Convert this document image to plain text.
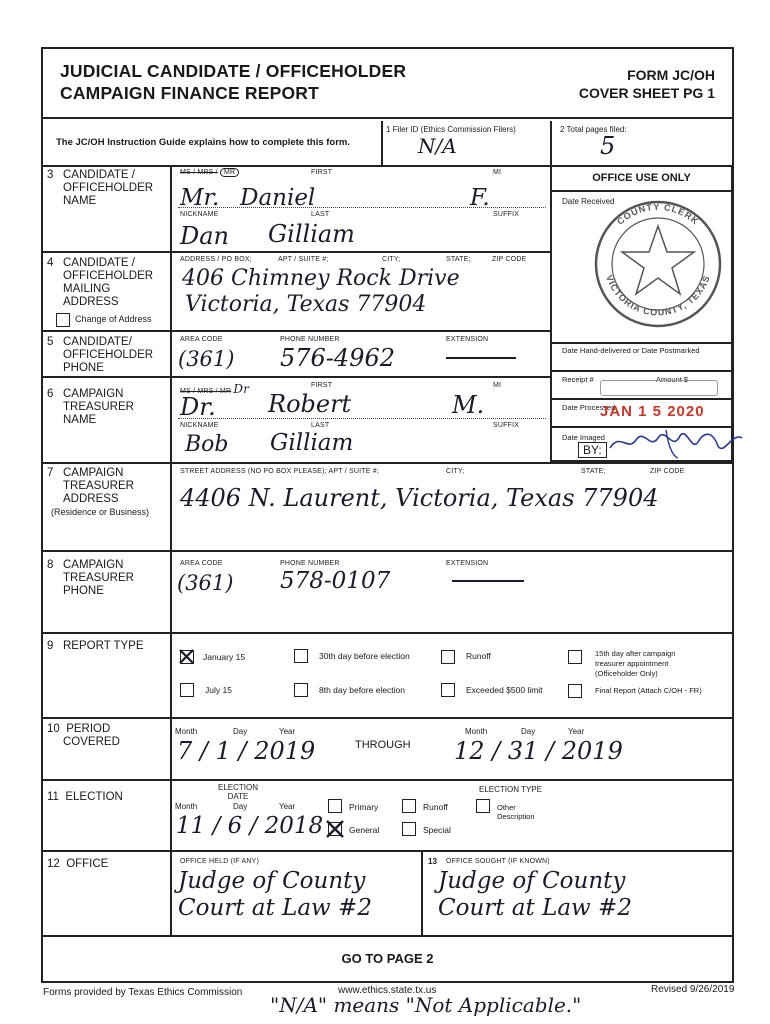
JUDICIAL CANDIDATE / OFFICEHOLDER
CAMPAIGN FINANCE REPORT
FORM JC/OH
COVER SHEET PG 1
The JC/OH Instruction Guide explains how to complete this form.
1 Filer ID (Ethics Commission Filers)
N/A
2 Total pages filed:
5
3 CANDIDATE /
OFFICEHOLDER
NAME
MS / MRS / MR	FIRST	MI
Mr. Daniel	F.
NICKNAME	LAST	SUFFIX
Dan Gilliam
4 CANDIDATE /
OFFICEHOLDER
MAILING
ADDRESS
Change of Address
ADDRESS / PO BOX;	APT / SUITE #;	CITY;	STATE;	ZIP CODE
406 Chimney Rock Drive
Victoria, Texas 77904
5 CANDIDATE/
OFFICEHOLDER
PHONE
AREA CODE	PHONE NUMBER	EXTENSION
(361) 576-4962
6 CAMPAIGN
TREASURER
NAME
MS / MRS / MR Dr	FIRST	MI
Dr. Robert	M.
NICKNAME	LAST	SUFFIX
Bob Gilliam
OFFICE USE ONLY
Date Received
COUNTY CLERK
VICTORIA COUNTY, TEXAS
Date Hand-delivered or Date Postmarked
Receipt #	Amount $
Date Processed
JAN 1 5 2020
Date Imaged
BY:
7 CAMPAIGN
TREASURER
ADDRESS
(Residence or Business)
STREET ADDRESS (NO PO BOX PLEASE); APT / SUITE #;	CITY;	STATE;	ZIP CODE
4406 N. Laurent, Victoria, Texas 77904
8 CAMPAIGN
TREASURER
PHONE
AREA CODE	PHONE NUMBER	EXTENSION
(361) 578-0107
9 REPORT TYPE
January 15	30th day before election	Runoff	15th day after campaign
treasurer appointment
(Officeholder Only)
July 15	8th day before election	Exceeded $500 limit	Final Report (Attach C/OH - FR)
10 PERIOD
COVERED
Month	Day	Year	Month	Day	Year
7 / 1 / 2019	THROUGH 12 / 31 / 2019
11 ELECTION
ELECTION
DATE
Month	Day	Year
11 / 6 / 2018
ELECTION TYPE
Primary	Runoff	Other
Description
General	Special
12 OFFICE	OFFICE HELD (IF ANY)	13 OFFICE SOUGHT (IF KNOWN)
Judge of County
Court at Law #2
Judge of County
Court at Law #2
GO TO PAGE 2
Forms provided by Texas Ethics Commission	www.ethics.state.tx.us	Revised 9/26/2019
"N/A" means "Not Applicable."
